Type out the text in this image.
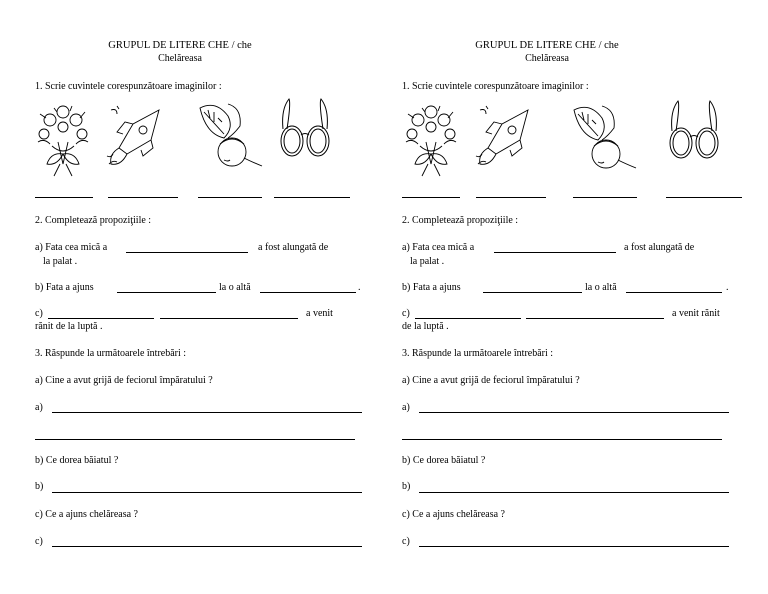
GRUPUL DE LITERE CHE / che
Chelăreasa
1. Scrie cuvintele corespunzătoare imaginilor :
2. Completează propoziţiile :
a) Fata cea mică a	a fost alungată de
la palat .
b) Fata a ajuns	la o altă	.
c)	a venit
rănit de la luptă .
3. Răspunde la următoarele întrebări :
a) Cine a avut grijă de feciorul împăratului ?
a)
b) Ce dorea băiatul ?
b)
c) Ce a ajuns chelăreasa ?
c)
GRUPUL DE LITERE CHE / che
Chelăreasa
1. Scrie cuvintele corespunzătoare imaginilor :
2. Completează propoziţiile :
a) Fata cea mică a	a fost alungată de
la palat .
b) Fata a ajuns	la o altă	.
c)	a venit rănit
de la luptă .
3. Răspunde la următoarele întrebări :
a) Cine a avut grijă de feciorul împăratului ?
a)
b) Ce dorea băiatul ?
b)
c) Ce a ajuns chelăreasa ?
c)
